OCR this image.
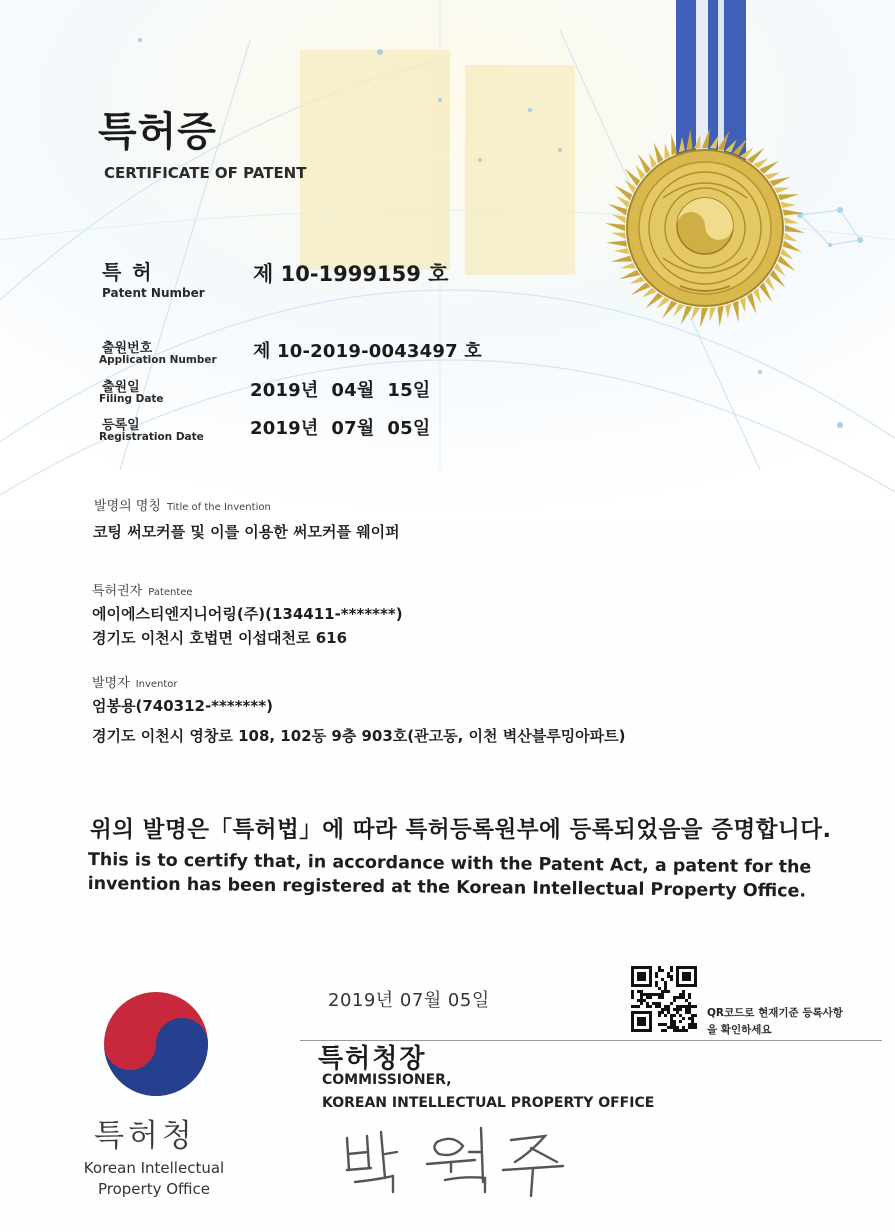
특허증
CERTIFICATE OF PATENT
특 허
Patent Number
제 10-1999159 호
출원번호
Application Number 제 10-2019-0043497 호
출원일
Filing Date	2019년  04월  15일
등록일
Registration Date	2019년  07월  05일
발명의 명칭 Title of the Invention
코팅 써모커플 및 이를 이용한 써모커플 웨이퍼
특허권자 Patentee
에이에스티엔지니어링(주)(134411-*******)
경기도 이천시 호법면 이섭대천로 616
발명자 Inventor
엄봉용(740312-*******)
경기도 이천시 영창로 108, 102동 9층 903호(관고동, 이천 벽산블루밍아파트)
위의 발명은「특허법」에 따라 특허등록원부에 등록되었음을 증명합니다.
This is to certify that, in accordance with the Patent Act, a patent for the invention has been registered at the Korean Intellectual Property Office.
특허청
Korean Intellectual Property Office
2019년 07월 05일
QR코드로 현재기준 등록사항을 확인하세요
특허청장
COMMISSIONER,
KOREAN INTELLECTUAL PROPERTY OFFICE
